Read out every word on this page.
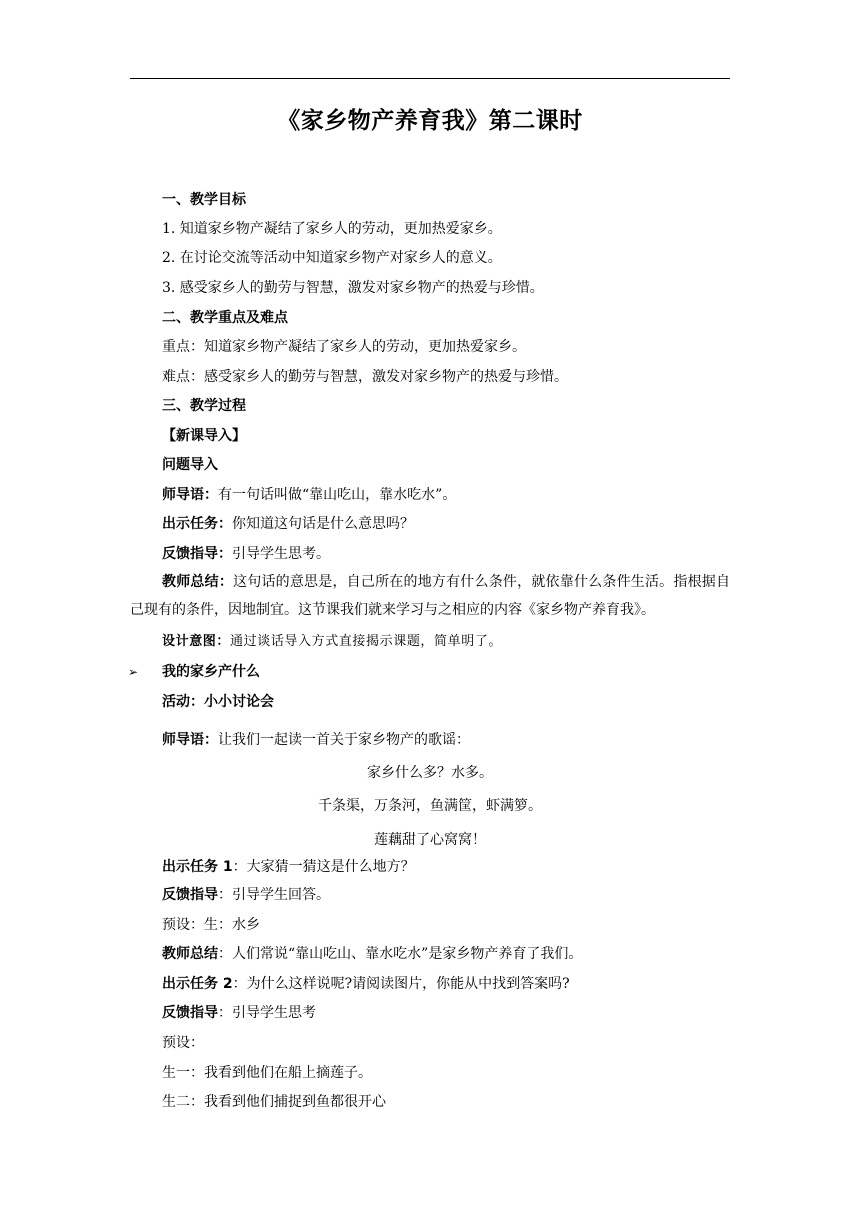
《家乡物产养育我》第二课时
一、教学目标
1. 知道家乡物产凝结了家乡人的劳动，更加热爱家乡。
2. 在讨论交流等活动中知道家乡物产对家乡人的意义。
3. 感受家乡人的勤劳与智慧，激发对家乡物产的热爱与珍惜。
二、教学重点及难点
重点：知道家乡物产凝结了家乡人的劳动，更加热爱家乡。
难点：感受家乡人的勤劳与智慧，激发对家乡物产的热爱与珍惜。
三、教学过程
【新课导入】
问题导入
师导语：有一句话叫做“靠山吃山，靠水吃水”。
出示任务：你知道这句话是什么意思吗？
反馈指导：引导学生思考。
教师总结：这句话的意思是，自己所在的地方有什么条件，就依靠什么条件生活。指根据自己现有的条件，因地制宜。这节课我们就来学习与之相应的内容《家乡物产养育我》。
设计意图：通过谈话导入方式直接揭示课题，简单明了。
➢ 我的家乡产什么
活动：小小讨论会
师导语：让我们一起读一首关于家乡物产的歌谣：
家乡什么多？水多。
千条渠，万条河，鱼满筐，虾满箩。
莲藕甜了心窝窝！
出示任务 1：大家猜一猜这是什么地方？
反馈指导：引导学生回答。
预设：生：水乡
教师总结：人们常说“靠山吃山、靠水吃水”是家乡物产养育了我们。
出示任务 2：为什么这样说呢?请阅读图片，你能从中找到答案吗?
反馈指导：引导学生思考
预设：
生一：我看到他们在船上摘莲子。
生二：我看到他们捕捉到鱼都很开心
